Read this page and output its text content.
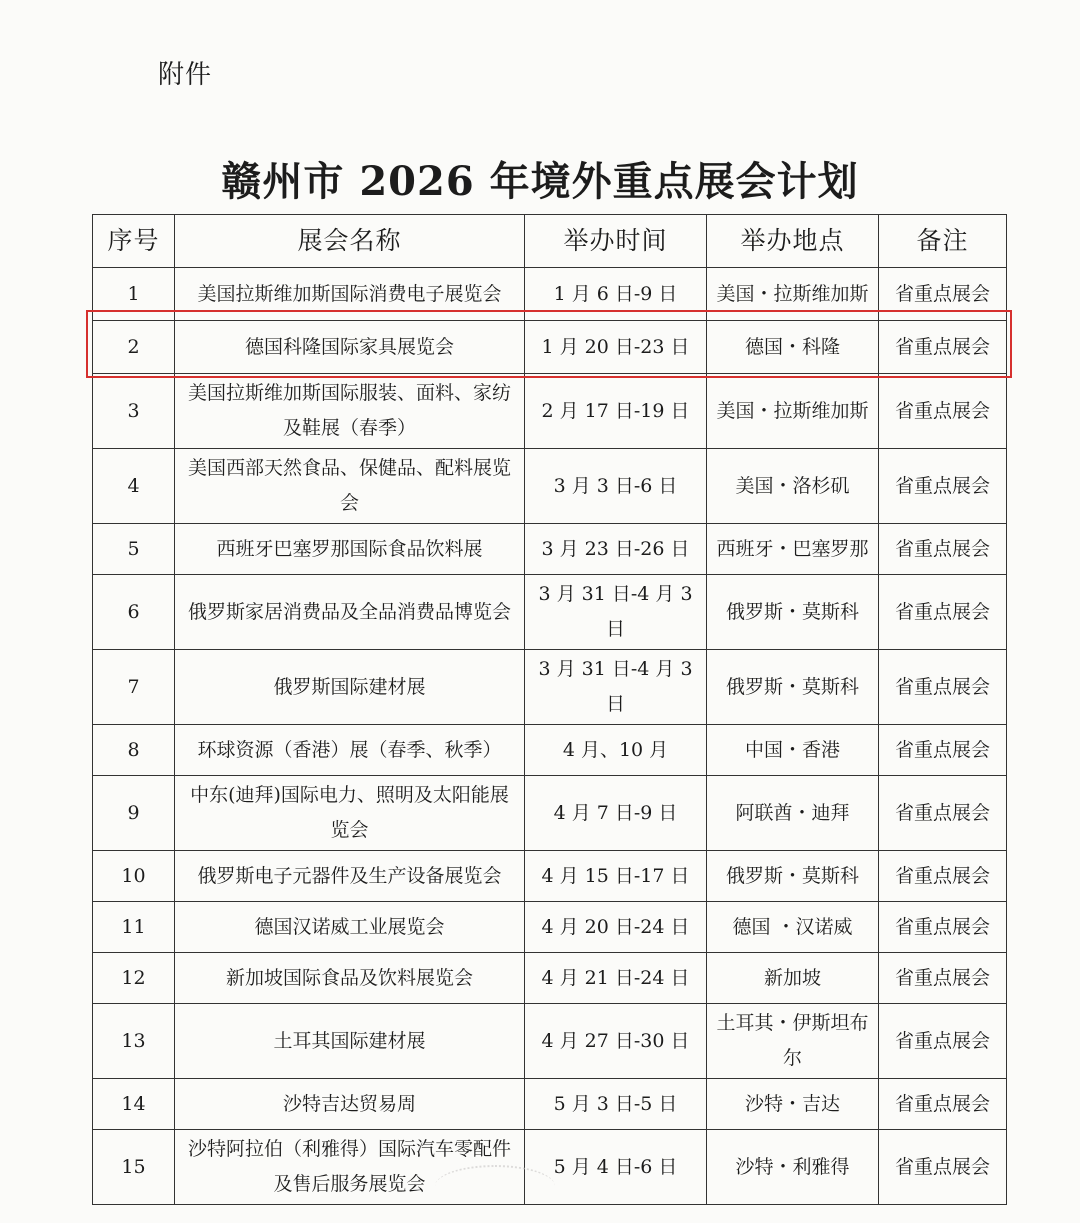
附件
赣州市 2026 年境外重点展会计划
序号	展会名称	举办时间	举办地点	备注
1	美国拉斯维加斯国际消费电子展览会	1 月 6 日-9 日	美国・拉斯维加斯	省重点展会
2	德国科隆国际家具展览会	1 月 20 日-23 日	德国・科隆	省重点展会
3	美国拉斯维加斯国际服装、面料、家纺及鞋展（春季）	2 月 17 日-19 日	美国・拉斯维加斯	省重点展会
4	美国西部天然食品、保健品、配料展览会	3 月 3 日-6 日	美国・洛杉矶	省重点展会
5	西班牙巴塞罗那国际食品饮料展	3 月 23 日-26 日	西班牙・巴塞罗那	省重点展会
6	俄罗斯家居消费品及全品消费品博览会	3 月 31 日-4 月 3 日	俄罗斯・莫斯科	省重点展会
7	俄罗斯国际建材展	3 月 31 日-4 月 3 日	俄罗斯・莫斯科	省重点展会
8	环球资源（香港）展（春季、秋季）	4 月、10 月	中国・香港	省重点展会
9	中东(迪拜)国际电力、照明及太阳能展览会	4 月 7 日-9 日	阿联酋・迪拜	省重点展会
10	俄罗斯电子元器件及生产设备展览会	4 月 15 日-17 日	俄罗斯・莫斯科	省重点展会
11	德国汉诺威工业展览会	4 月 20 日-24 日	德国 ・汉诺威	省重点展会
12	新加坡国际食品及饮料展览会	4 月 21 日-24 日	新加坡	省重点展会
13	土耳其国际建材展	4 月 27 日-30 日	土耳其・伊斯坦布尔	省重点展会
14	沙特吉达贸易周	5 月 3 日-5 日	沙特・吉达	省重点展会
15	沙特阿拉伯（利雅得）国际汽车零配件及售后服务展览会	5 月 4 日-6 日	沙特・利雅得	省重点展会
